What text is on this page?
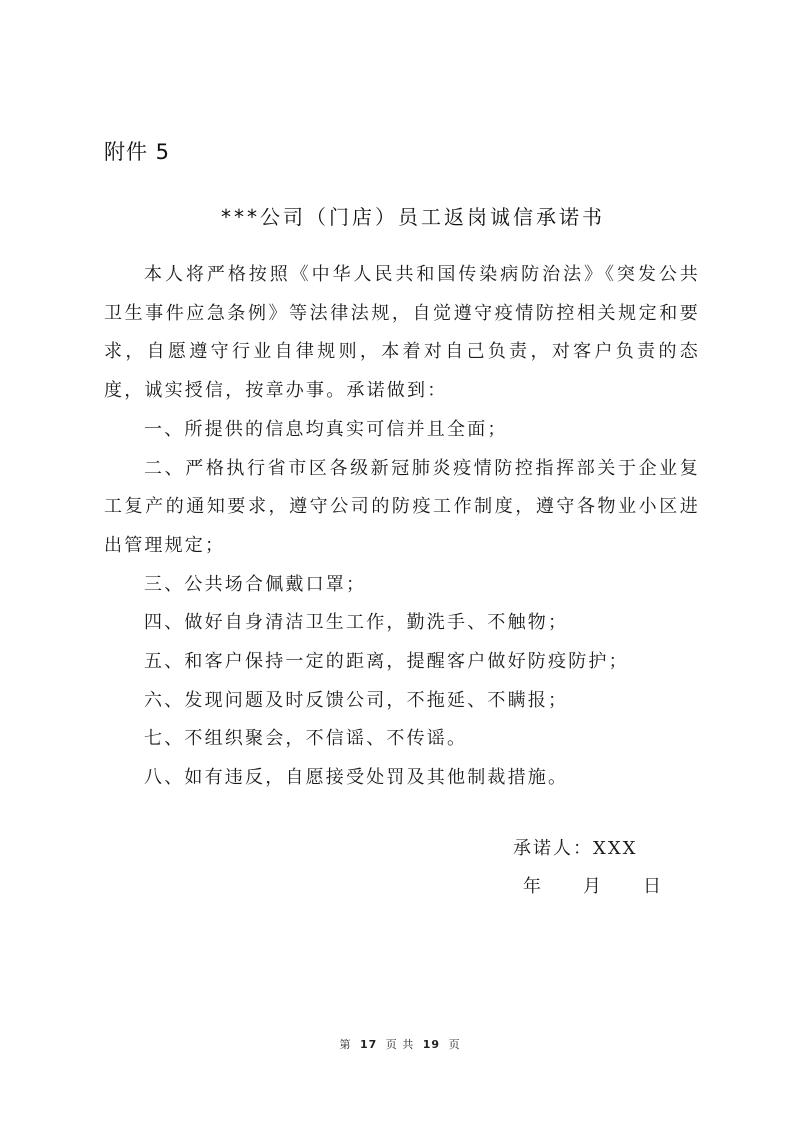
附件 5
***公司（门店）员工返岗诚信承诺书

本人将严格按照《中华人民共和国传染病防治法》《突发公共卫生事件应急条例》等法律法规，自觉遵守疫情防控相关规定和要求，自愿遵守行业自律规则，本着对自己负责，对客户负责的态度，诚实授信，按章办事。承诺做到：

一、所提供的信息均真实可信并且全面；

二、严格执行省市区各级新冠肺炎疫情防控指挥部关于企业复工复产的通知要求，遵守公司的防疫工作制度，遵守各物业小区进出管理规定；

三、公共场合佩戴口罩；

四、做好自身清洁卫生工作，勤洗手、不触物；

五、和客户保持一定的距离，提醒客户做好防疫防护；

六、发现问题及时反馈公司，不拖延、不瞒报；

七、不组织聚会，不信谣、不传谣。

八、如有违反，自愿接受处罚及其他制裁措施。

承诺人：XXX
年	月	日
第 17 页 共 19 页
